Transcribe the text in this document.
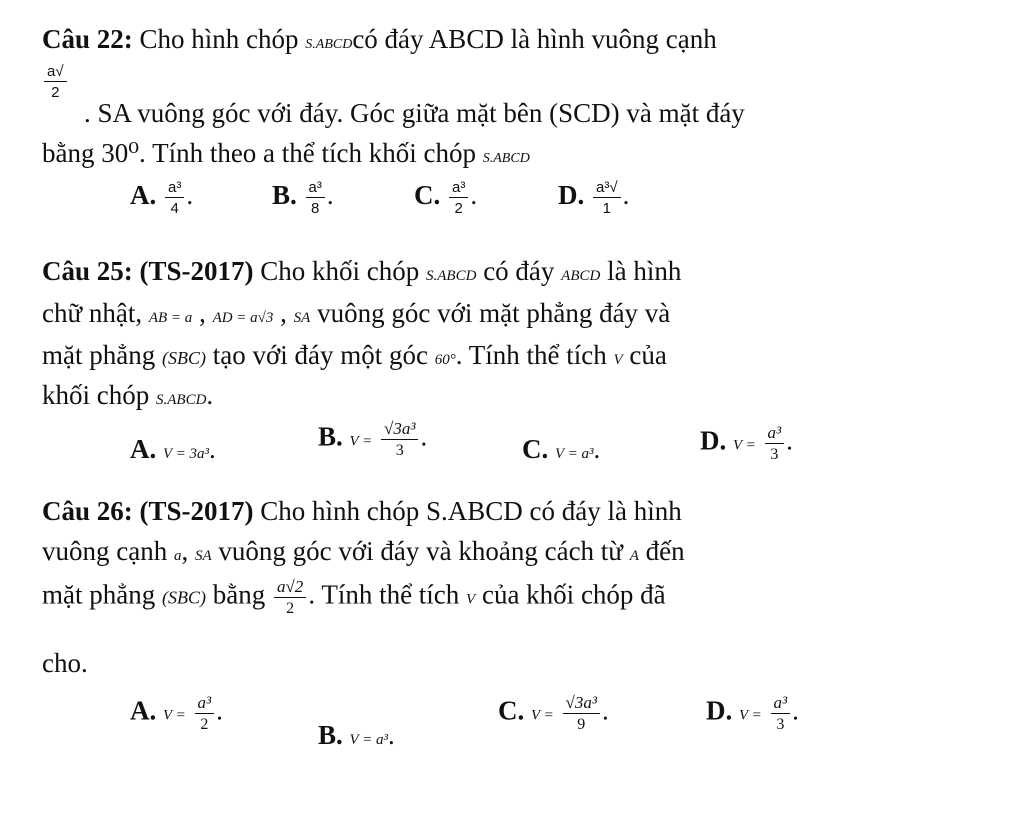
Câu 22: Cho hình chóp S.ABCDcó đáy ABCD là hình vuông cạnh
$\frac{a√}{2}$
. SA vuông góc với đáy. Góc giữa mặt bên (SCD) và mặt đáy
bằng 30⁰. Tính theo a thể tích khối chóp S.ABCD
A. $\frac{\text{a³}}{4}$ .	B. $\frac{\text{a³}}{8}$ .	C. $\frac{\text{a³}}{2}$ .	D. $\frac{\text{a³√}}{1}$ .
Câu 25: (TS-2017) Cho khối chóp S.ABCD có đáy ABCD là hình
chữ nhật, AB = a , AD = a√3 , SA vuông góc với mặt phẳng đáy và
mặt phẳng (SBC) tạo với đáy một góc 60°. Tính thể tích V của
khối chóp S.ABCD.
A. V = 3a³.	B. $V = \frac{\text{√3a³}}{3}$ .	C. V = a³.	D. $V = \frac{\text{a³}}{3}$ .
Câu 26: (TS-2017) Cho hình chóp S.ABCD có đáy là hình
vuông cạnh a, SA vuông góc với đáy và khoảng cách từ A đến
mặt phẳng (SBC) bằng $\frac{a√2}{2}$ . Tính thể tích V của khối chóp đã
cho.
A. $V = \frac{\text{a³}}{2}$ .
B. V = a³.
C. $V = \frac{\text{√3a³}}{9}$ .	D. $V = \frac{\text{a³}}{3}$ .
